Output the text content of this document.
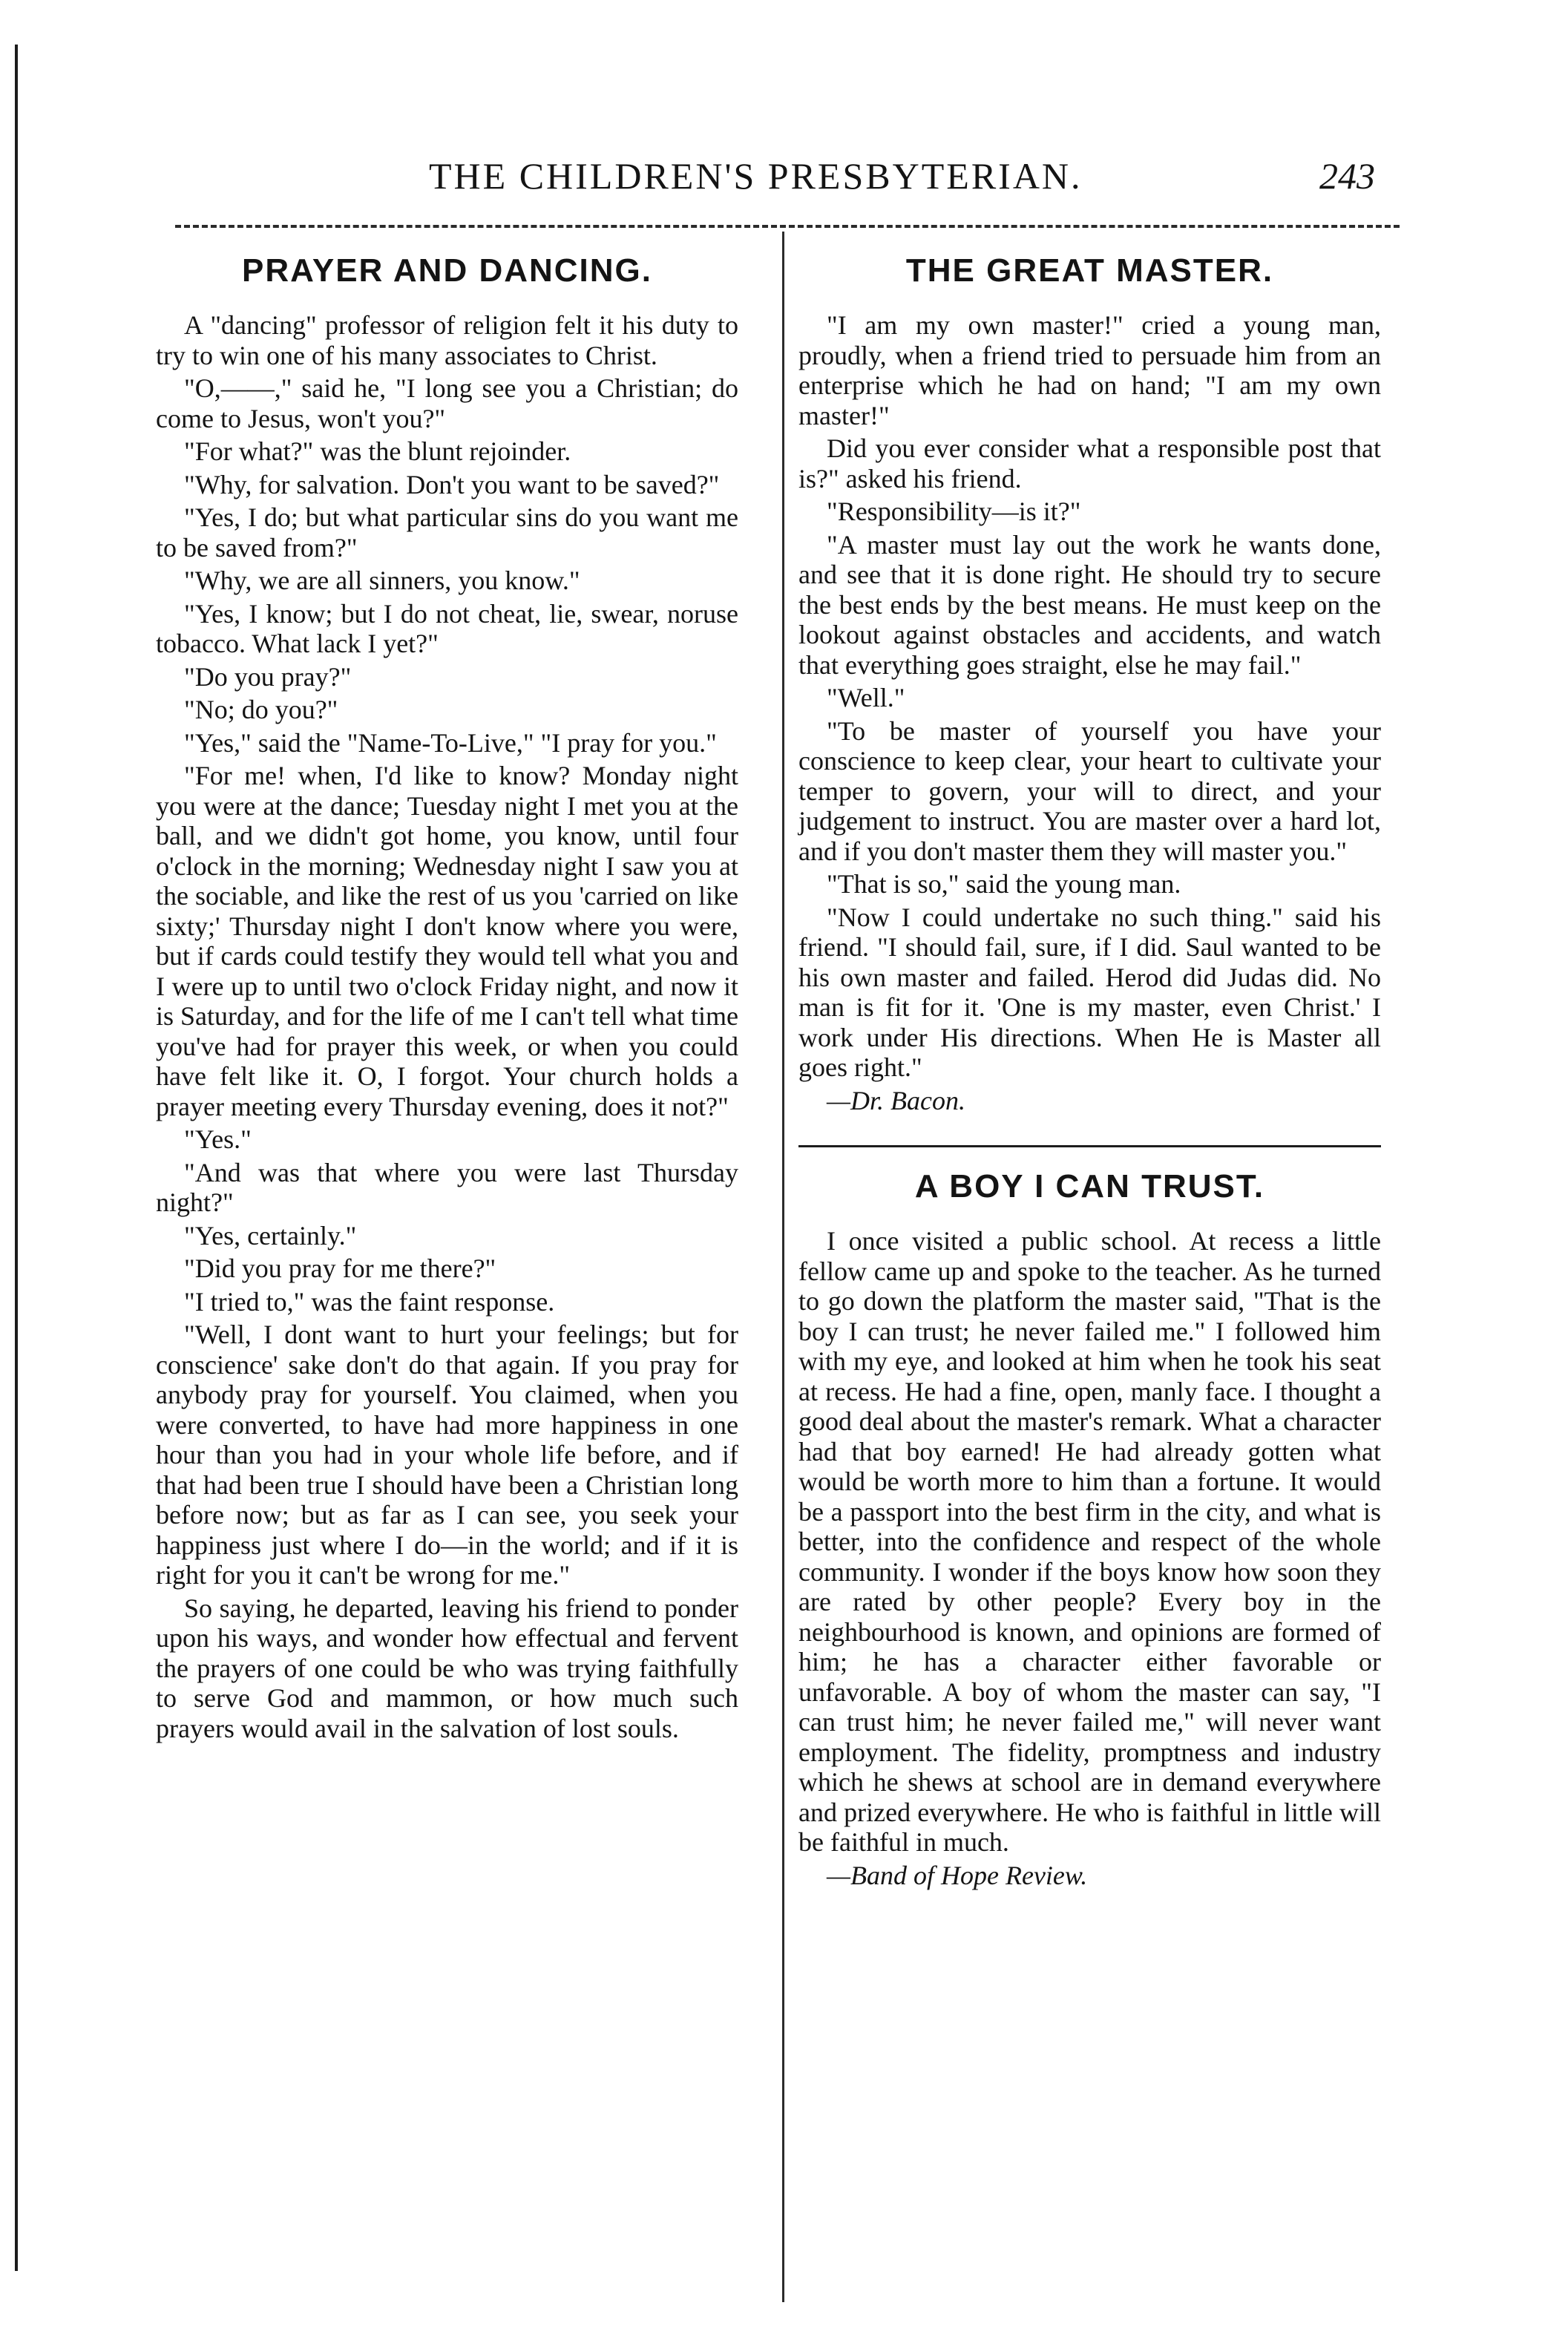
THE CHILDREN'S PRESBYTERIAN.	243
PRAYER AND DANCING.

A "dancing" professor of religion felt it his duty to try to win one of his many associates to Christ.

"O,——," said he, "I long see you a Christian; do come to Jesus, won't you?"

"For what?" was the blunt rejoinder.

"Why, for salvation. Don't you want to be saved?"

"Yes, I do; but what particular sins do you want me to be saved from?"

"Why, we are all sinners, you know."

"Yes, I know; but I do not cheat, lie, swear, noruse tobacco. What lack I yet?"

"Do you pray?"

"No; do you?"

"Yes," said the "Name-To-Live," "I pray for you."

"For me! when, I'd like to know? Monday night you were at the dance; Tuesday night I met you at the ball, and we didn't got home, you know, until four o'clock in the morning; Wednesday night I saw you at the sociable, and like the rest of us you 'carried on like sixty;' Thursday night I don't know where you were, but if cards could testify they would tell what you and I were up to until two o'clock Friday night, and now it is Saturday, and for the life of me I can't tell what time you've had for prayer this week, or when you could have felt like it. O, I forgot. Your church holds a prayer meeting every Thursday evening, does it not?"

"Yes."

"And was that where you were last Thursday night?"

"Yes, certainly."

"Did you pray for me there?"

"I tried to," was the faint response.

"Well, I dont want to hurt your feelings; but for conscience' sake don't do that again. If you pray for anybody pray for yourself. You claimed, when you were converted, to have had more happiness in one hour than you had in your whole life before, and if that had been true I should have been a Christian long before now; but as far as I can see, you seek your happiness just where I do—in the world; and if it is right for you it can't be wrong for me."

So saying, he departed, leaving his friend to ponder upon his ways, and wonder how effectual and fervent the prayers of one could be who was trying faithfully to serve God and mammon, or how much such prayers would avail in the salvation of lost souls.

THE GREAT MASTER.

"I am my own master!" cried a young man, proudly, when a friend tried to persuade him from an enterprise which he had on hand; "I am my own master!"

Did you ever consider what a responsible post that is?" asked his friend.

"Responsibility—is it?"

"A master must lay out the work he wants done, and see that it is done right. He should try to secure the best ends by the best means. He must keep on the lookout against obstacles and accidents, and watch that everything goes straight, else he may fail."

"Well."

"To be master of yourself you have your conscience to keep clear, your heart to cultivate your temper to govern, your will to direct, and your judgement to instruct. You are master over a hard lot, and if you don't master them they will master you."

"That is so," said the young man.

"Now I could undertake no such thing." said his friend. "I should fail, sure, if I did. Saul wanted to be his own master and failed. Herod did Judas did. No man is fit for it. 'One is my master, even Christ.' I work under His directions. When He is Master all goes right."

—Dr. Bacon.

A BOY I CAN TRUST.

I once visited a public school. At recess a little fellow came up and spoke to the teacher. As he turned to go down the platform the master said, "That is the boy I can trust; he never failed me." I followed him with my eye, and looked at him when he took his seat at recess. He had a fine, open, manly face. I thought a good deal about the master's remark. What a character had that boy earned! He had already gotten what would be worth more to him than a fortune. It would be a passport into the best firm in the city, and what is better, into the confidence and respect of the whole community. I wonder if the boys know how soon they are rated by other people? Every boy in the neighbourhood is known, and opinions are formed of him; he has a character either favorable or unfavorable. A boy of whom the master can say, "I can trust him; he never failed me," will never want employment. The fidelity, promptness and industry which he shews at school are in demand everywhere and prized everywhere. He who is faithful in little will be faithful in much.

—Band of Hope Review.
